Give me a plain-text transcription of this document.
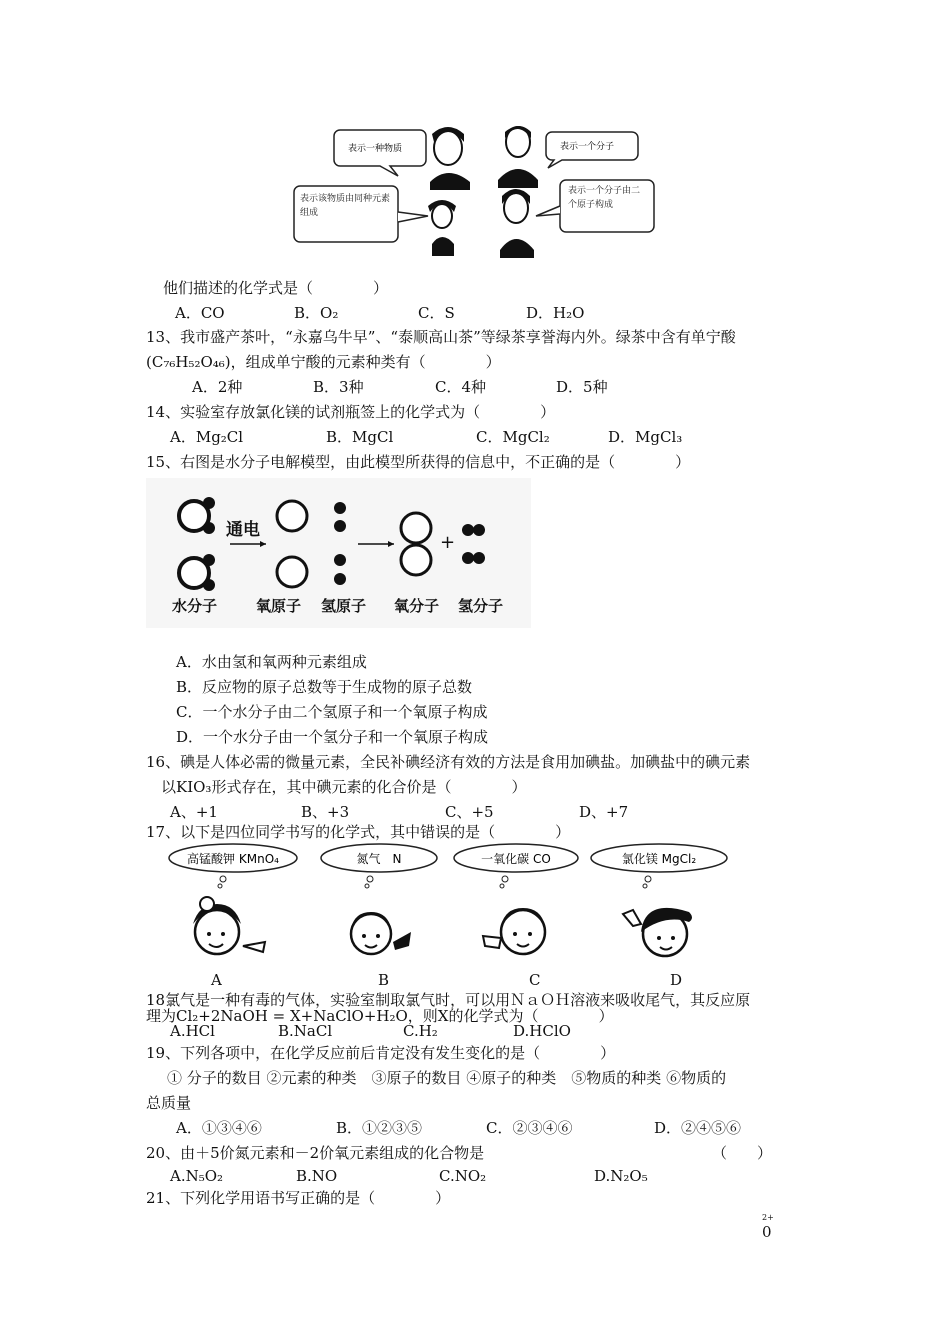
表示一种物质	表示一个分子
表示该物质由同种元素组成
表示一个分子由二个原子构成
他们描述的化学式是（　　　　）
A．CO	B．O₂	C．S	D．H₂O
13、我市盛产茶叶，“永嘉乌牛早”、“泰顺高山茶”等绿茶享誉海内外。绿茶中含有单宁酸
(C₇₆H₅₂O₄₆)，组成单宁酸的元素种类有（　　　　）
A．2种	B．3种	C．4种	D．5种
14、实验室存放氯化镁的试剂瓶签上的化学式为（　　　　）
A．Mg₂Cl	B．MgCl	C．MgCl₂	D．MgCl₃
15、右图是水分子电解模型，由此模型所获得的信息中，不正确的是（　　　　）
通电
+
水分子	氧原子 氢原子 氧分子 氢分子
A．水由氢和氧两种元素组成
B．反应物的原子总数等于生成物的原子总数
C．一个水分子由二个氢原子和一个氧原子构成
D．一个水分子由一个氢分子和一个氧原子构成
16、碘是人体必需的微量元素，全民补碘经济有效的方法是食用加碘盐。加碘盐中的碘元素
以KIO₃形式存在，其中碘元素的化合价是（　　　　）
A、+1	B、+3	C、+5	D、+7
17、以下是四位同学书写的化学式，其中错误的是（　　　　）
高锰酸钾 KMnO₄	氮气　N	一氧化碳 CO	氯化镁 MgCl₂
A	B	C	D
18氯气是一种有毒的气体，实验室制取氯气时，可以用ＮａＯＨ溶液来吸收尾气，其反应原
理为Cl₂+2NaOH = X+NaClO+H₂O，则X的化学式为（　　　　）
A.HCl	B.NaCl	C.H₂	D.HClO
19、下列各项中，在化学反应前后肯定没有发生变化的是（　　　　）
① 分子的数目 ②元素的种类　③原子的数目 ④原子的种类　⑤物质的种类 ⑥物质的
总质量
A．①③④⑥	B．①②③⑤	C．②③④⑥	D．②④⑤⑥
20、由＋5价氮元素和－2价氧元素组成的化合物是	（　　）
A.N₅O₂	B.NO	C.NO₂	D.N₂O₅
21、下列化学用语书写正确的是（　　　　）
2+
0
